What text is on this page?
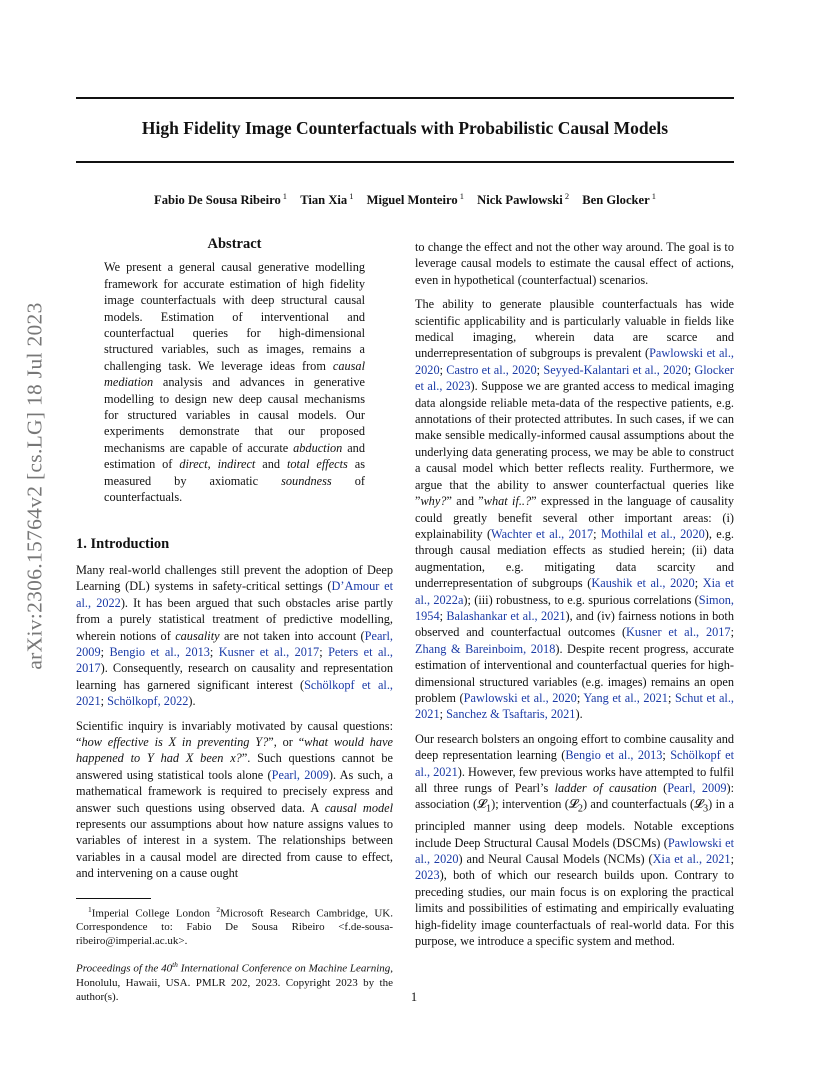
High Fidelity Image Counterfactuals with Probabilistic Causal Models
Fabio De Sousa Ribeiro $^1$ Tian Xia $^1$ Miguel Monteiro $^1$ Nick Pawlowski $^2$ Ben Glocker $^1$
arXiv:2306.15764v2 [cs.LG] 18 Jul 2023
Abstract
We present a general causal generative modelling framework for accurate estimation of high fidelity image counterfactuals with deep structural causal models. Estimation of interventional and counterfactual queries for high-dimensional structured variables, such as images, remains a challenging task. We leverage ideas from causal mediation analysis and advances in generative modelling to design new deep causal mechanisms for structured variables in causal models. Our experiments demonstrate that our proposed mechanisms are capable of accurate abduction and estimation of direct, indirect and total effects as measured by axiomatic soundness of counterfactuals.
1. Introduction

Many real-world challenges still prevent the adoption of Deep Learning (DL) systems in safety-critical settings (D’Amour et al., 2022). It has been argued that such obstacles arise partly from a purely statistical treatment of predictive modelling, wherein notions of causality are not taken into account (Pearl, 2009; Bengio et al., 2013; Kusner et al., 2017; Peters et al., 2017). Consequently, research on causality and representation learning has garnered significant interest (Schölkopf et al., 2021; Schölkopf, 2022).

Scientific inquiry is invariably motivated by causal questions: “how effective is X in preventing Y?”, or “what would have happened to Y had X been x?”. Such questions cannot be answered using statistical tools alone (Pearl, 2009). As such, a mathematical framework is required to precisely express and answer such questions using observed data. A causal model represents our assumptions about how nature assigns values to variables of interest in a system. The relationships between variables in a causal model are directed from cause to effect, and intervening on a cause ought

$^1$Imperial College London $^2$Microsoft Research Cambridge, UK. Correspondence to: Fabio De Sousa Ribeiro <f.de-sousa-ribeiro@imperial.ac.uk>.

Proceedings of the 40th International Conference on Machine Learning, Honolulu, Hawaii, USA. PMLR 202, 2023. Copyright 2023 by the author(s).

to change the effect and not the other way around. The goal is to leverage causal models to estimate the causal effect of actions, even in hypothetical (counterfactual) scenarios.

The ability to generate plausible counterfactuals has wide scientific applicability and is particularly valuable in fields like medical imaging, wherein data are scarce and underrepresentation of subgroups is prevalent (Pawlowski et al., 2020; Castro et al., 2020; Seyyed-Kalantari et al., 2020; Glocker et al., 2023). Suppose we are granted access to medical imaging data alongside reliable meta-data of the respective patients, e.g. annotations of their protected attributes. In such cases, if we can make sensible medically-informed causal assumptions about the underlying data generating process, we may be able to construct a causal model which better reflects reality. Furthermore, we argue that the ability to answer counterfactual queries like ”why?” and ”what if..?” expressed in the language of causality could greatly benefit several other important areas: (i) explainability (Wachter et al., 2017; Mothilal et al., 2020), e.g. through causal mediation effects as studied herein; (ii) data augmentation, e.g. mitigating data scarcity and underrepresentation of subgroups (Kaushik et al., 2020; Xia et al., 2022a); (iii) robustness, to e.g. spurious correlations (Simon, 1954; Balashankar et al., 2021), and (iv) fairness notions in both observed and counterfactual outcomes (Kusner et al., 2017; Zhang & Bareinboim, 2018). Despite recent progress, accurate estimation of interventional and counterfactual queries for high-dimensional structured variables (e.g. images) remains an open problem (Pawlowski et al., 2020; Yang et al., 2021; Schut et al., 2021; Sanchez & Tsaftaris, 2021).

Our research bolsters an ongoing effort to combine causality and deep representation learning (Bengio et al., 2013; Schölkopf et al., 2021). However, few previous works have attempted to fulfil all three rungs of Pearl’s ladder of causation (Pearl, 2009): association (𝓛$_1$); intervention (𝓛$_2$) and counterfactuals (𝓛$_3$) in a principled manner using deep models. Notable exceptions include Deep Structural Causal Models (DSCMs) (Pawlowski et al., 2020) and Neural Causal Models (NCMs) (Xia et al., 2021; 2023), both of which our research builds upon. Contrary to preceding studies, our main focus is on exploring the practical limits and possibilities of estimating and empirically evaluating high-fidelity image counterfactuals of real-world data. For this purpose, we introduce a specific system and method.

1
